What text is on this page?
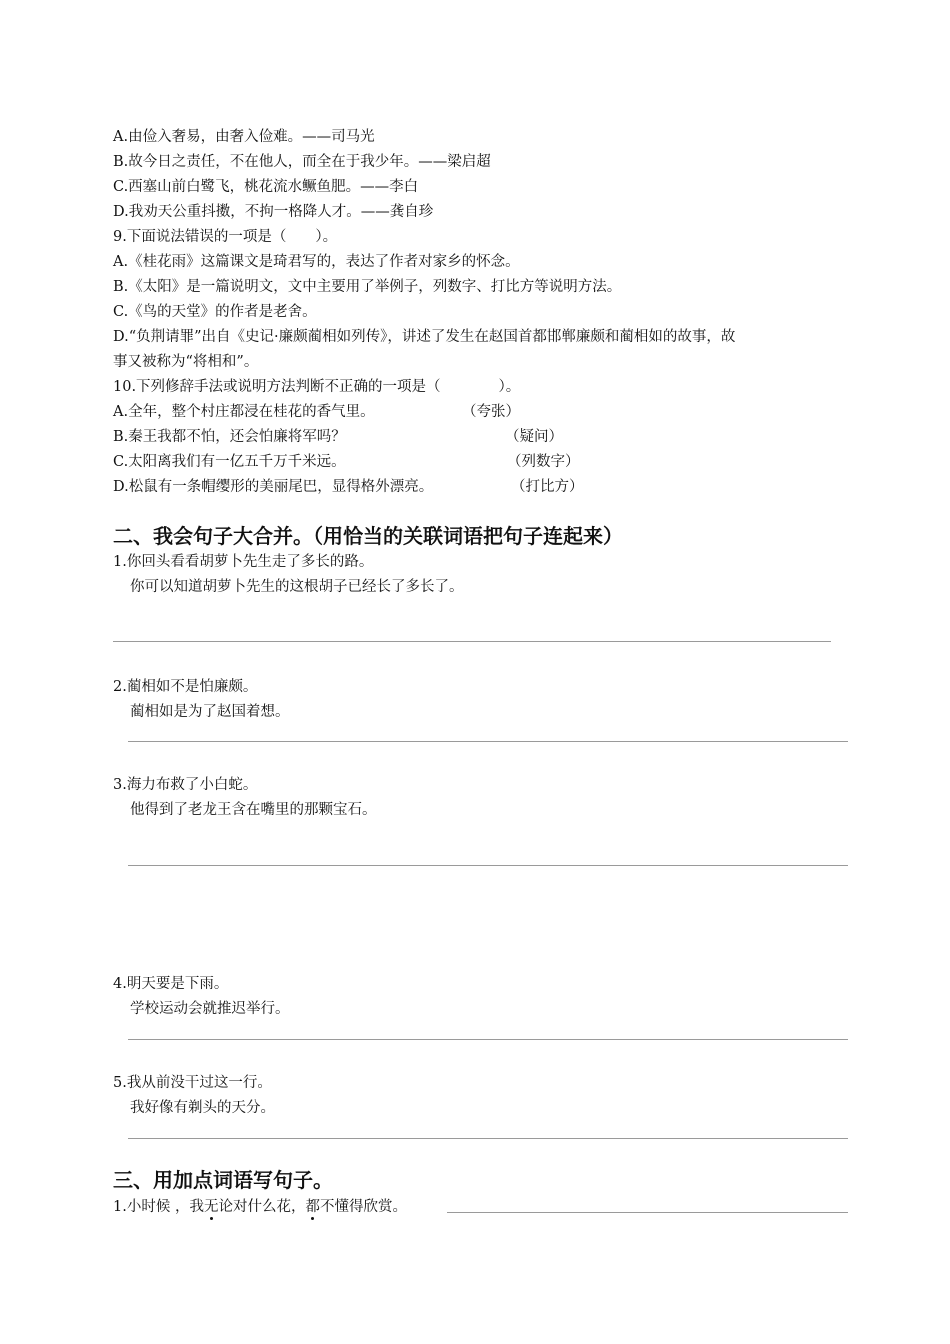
A.由俭入奢易，由奢入俭难。——司马光
B.故今日之责任，不在他人，而全在于我少年。——梁启超
C.西塞山前白鹭飞，桃花流水鳜鱼肥。——李白
D.我劝天公重抖擞，不拘一格降人才。——龚自珍
9.下面说法错误的一项是（　　）。
A.《桂花雨》这篇课文是琦君写的，表达了作者对家乡的怀念。
B.《太阳》是一篇说明文，文中主要用了举例子，列数字、打比方等说明方法。
C.《鸟的天堂》的作者是老舍。
D.“负荆请罪”出自《史记·廉颇蔺相如列传》，讲述了发生在赵国首都邯郸廉颇和蔺相如的故事，故
事又被称为“将相和”。
10.下列修辞手法或说明方法判断不正确的一项是（　　　　）。
A.全年，整个村庄都浸在桂花的香气里。	（夸张）
B.秦王我都不怕，还会怕廉将军吗？	（疑问）
C.太阳离我们有一亿五千万千米远。	（列数字）
D.松鼠有一条帽缨形的美丽尾巴，显得格外漂亮。	（打比方）
二、我会句子大合并。（用恰当的关联词语把句子连起来）
1.你回头看看胡萝卜先生走了多长的路。
你可以知道胡萝卜先生的这根胡子已经长了多长了。
2.蔺相如不是怕廉颇。
蔺相如是为了赵国着想。
3.海力布救了小白蛇。
他得到了老龙王含在嘴里的那颗宝石。
4.明天要是下雨。
学校运动会就推迟举行。
5.我从前没干过这一行。
我好像有剃头的天分。
三、用加点词语写句子。
1.小时候 ，我无论对什么花，都不懂得欣赏。
